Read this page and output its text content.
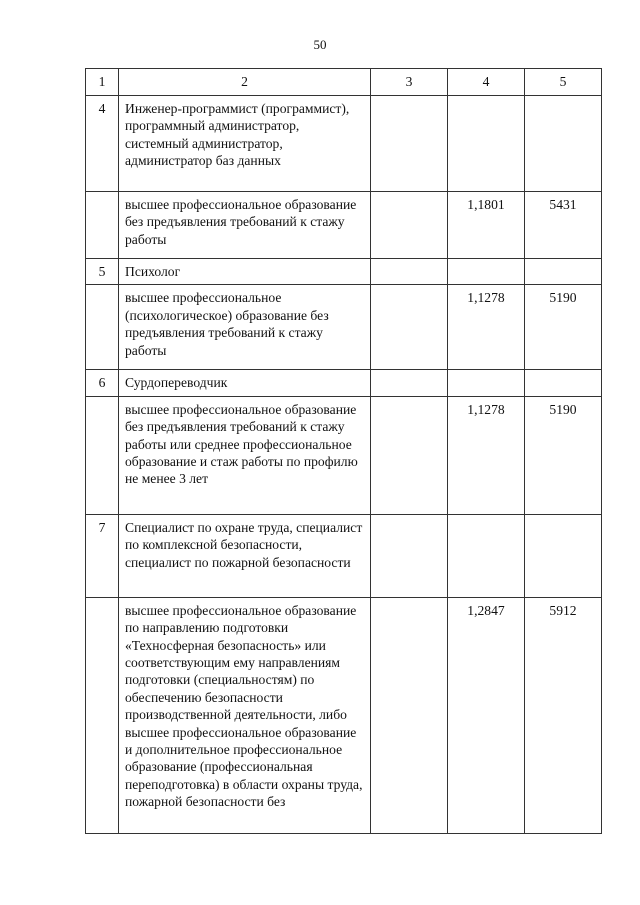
50
1	2	3	4	5
4	Инженер-программист (программист), программный администратор, системный администратор, администратор баз данных			
	высшее профессиональное образование без предъявления требований к стажу работы		1,1801	5431
5	Психолог			
	высшее профессиональное (психологическое) образование без предъявления требований к стажу работы		1,1278	5190
6	Сурдопереводчик			
	высшее профессиональное образование без предъявления требований к стажу работы или среднее профессиональное образование и стаж работы по профилю не менее 3 лет		1,1278	5190
7	Специалист по охране труда, специалист по комплексной безопасности, специалист по пожарной безопасности			
	высшее профессиональное образование по направлению подготовки «Техносферная безопасность» или соответствующим ему направлениям подготовки (специальностям) по обеспечению безопасности производственной деятельности, либо высшее профессиональное образование и дополнительное профессиональное образование (профессиональная переподготовка) в области охраны труда, пожарной безопасности без		1,2847	5912
